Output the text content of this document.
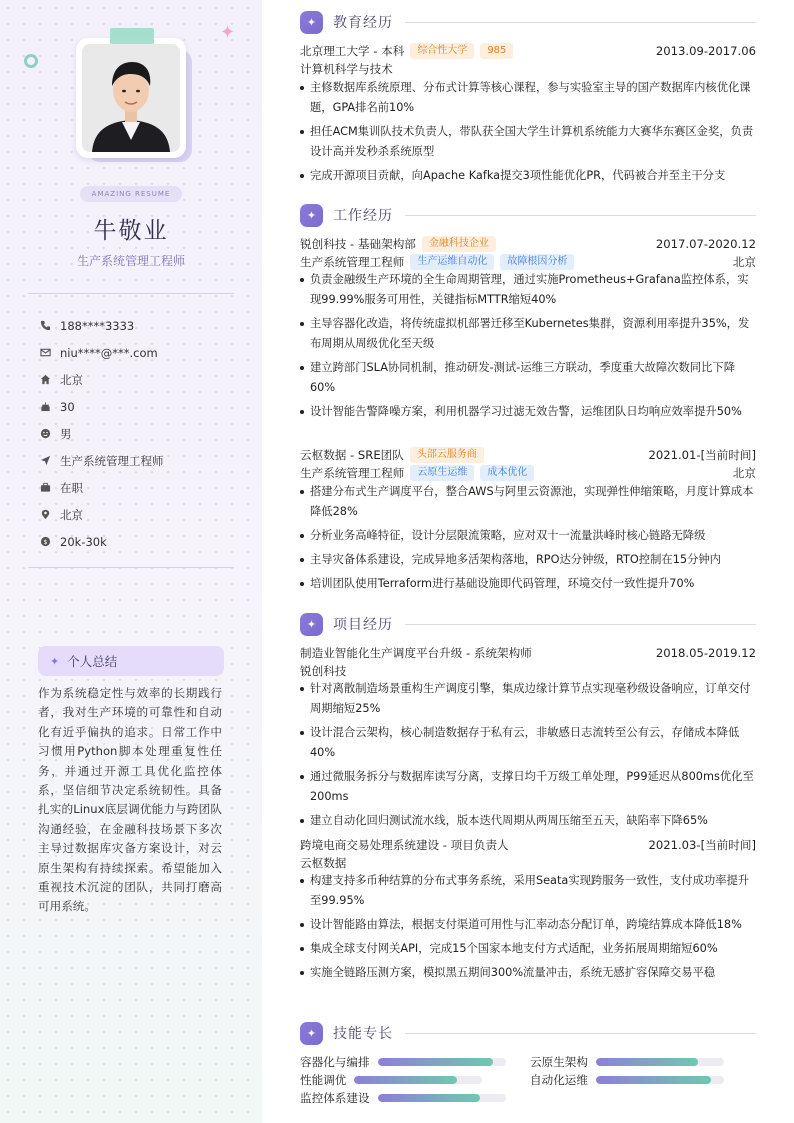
✦
AMAZING RESUME
牛敬业
生产系统管理工程师
188****3333
niu****@***.com
北京
30
男
生产系统管理工程师
在职
北京
$ 20k-30k
✦ 个人总结
作为系统稳定性与效率的长期践行者，我对生产环境的可靠性和自动化有近乎偏执的追求。日常工作中习惯用Python脚本处理重复性任务，并通过开源工具优化监控体系，坚信细节决定系统韧性。具备扎实的Linux底层调优能力与跨团队沟通经验，在金融科技场景下多次主导过数据库灾备方案设计，对云原生架构有持续探索。希望能加入重视技术沉淀的团队，共同打磨高可用系统。
✦	教育经历
北京理工大学 - 本科	综合性大学	985	2013.09-2017.06
计算机科学与技术
主修数据库系统原理、分布式计算等核心课程，参与实验室主导的国产数据库内核优化课题，GPA排名前10%
担任ACM集训队技术负责人，带队获全国大学生计算机系统能力大赛华东赛区金奖，负责设计高并发秒杀系统原型
完成开源项目贡献，向Apache Kafka提交3项性能优化PR，代码被合并至主干分支
✦	工作经历
锐创科技 - 基础架构部	金融科技企业	2017.07-2020.12
生产系统管理工程师	生产运维自动化	故障根因分析	北京
负责金融级生产环境的全生命周期管理，通过实施Prometheus+Grafana监控体系，实现99.99%服务可用性，关键指标MTTR缩短40%
主导容器化改造，将传统虚拟机部署迁移至Kubernetes集群，资源利用率提升35%，发布周期从周级优化至天级
建立跨部门SLA协同机制，推动研发-测试-运维三方联动，季度重大故障次数同比下降60%
设计智能告警降噪方案，利用机器学习过滤无效告警，运维团队日均响应效率提升50%
云枢数据 - SRE团队	头部云服务商	2021.01-[当前时间]
生产系统管理工程师	云原生运维	成本优化	北京
搭建分布式生产调度平台，整合AWS与阿里云资源池，实现弹性伸缩策略，月度计算成本降低28%
分析业务高峰特征，设计分层限流策略，应对双十一流量洪峰时核心链路无降级
主导灾备体系建设，完成异地多活架构落地，RPO达分钟级，RTO控制在15分钟内
培训团队使用Terraform进行基础设施即代码管理，环境交付一致性提升70%
✦	项目经历
制造业智能化生产调度平台升级 - 系统架构师	2018.05-2019.12
锐创科技
针对离散制造场景重构生产调度引擎，集成边缘计算节点实现毫秒级设备响应，订单交付周期缩短25%
设计混合云架构，核心制造数据存于私有云，非敏感日志流转至公有云，存储成本降低40%
通过微服务拆分与数据库读写分离，支撑日均千万级工单处理，P99延迟从800ms优化至200ms
建立自动化回归测试流水线，版本迭代周期从两周压缩至五天，缺陷率下降65%
跨境电商交易处理系统建设 - 项目负责人	2021.03-[当前时间]
云枢数据
构建支持多币种结算的分布式事务系统，采用Seata实现跨服务一致性，支付成功率提升至99.95%
设计智能路由算法，根据支付渠道可用性与汇率动态分配订单，跨境结算成本降低18%
集成全球支付网关API，完成15个国家本地支付方式适配，业务拓展周期缩短60%
实施全链路压测方案，模拟黑五期间300%流量冲击，系统无感扩容保障交易平稳
✦	技能专长
容器化与编排	云原生架构
性能调优	自动化运维
监控体系建设
